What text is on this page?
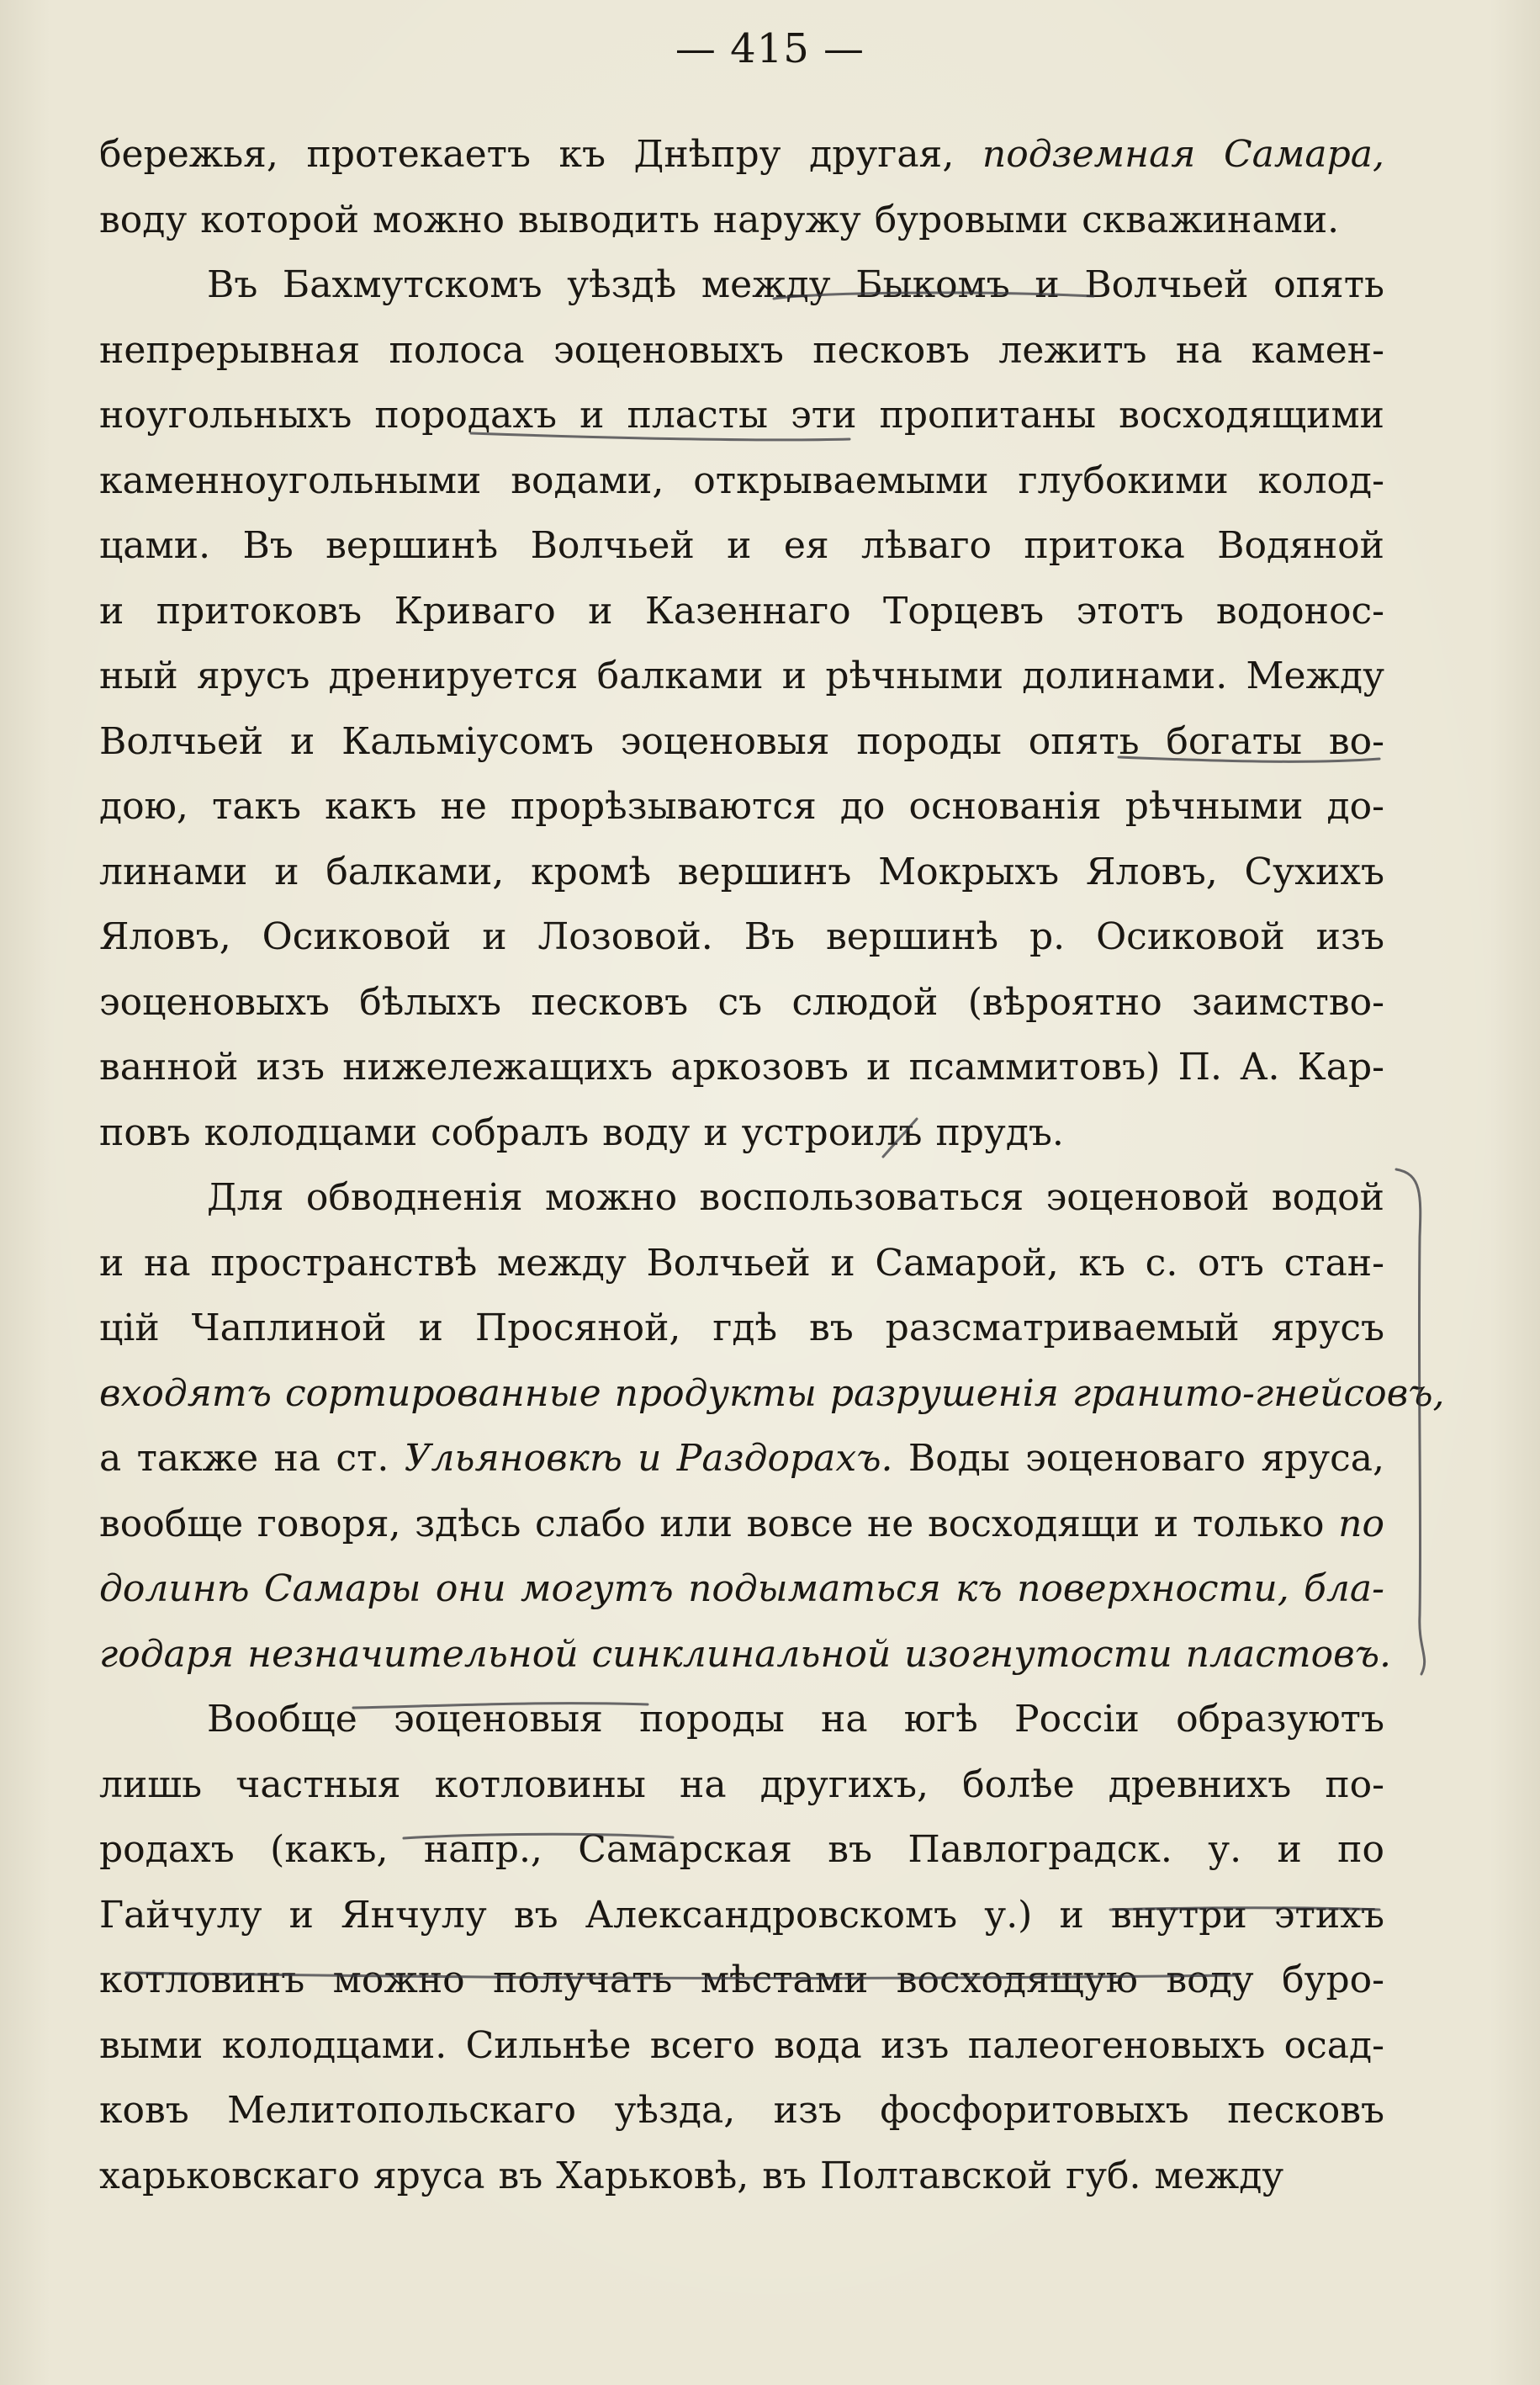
— 415 —
бережья, протекаетъ къ Днѣпру другая, подземная Самара,
воду которой можно выводить наружу буровыми скважинами.
Въ Бахмутскомъ уѣздѣ между Быкомъ и Волчьей опять
непрерывная полоса эоценовыхъ песковъ лежитъ на камен-
ноугольныхъ породахъ и пласты эти пропитаны восходящими
каменноугольными водами, открываемыми глубокими колод-
цами. Въ вершинѣ Волчьей и ея лѣваго притока Водяной
и притоковъ Криваго и Казеннаго Торцевъ этотъ водонос-
ный ярусъ дренируется балками и рѣчными долинами. Между
Волчьей и Кальміусомъ эоценовыя породы опять богаты во-
дою, такъ какъ не прорѣзываются до основанія рѣчными до-
линами и балками, кромѣ вершинъ Мокрыхъ Яловъ, Сухихъ
Яловъ, Осиковой и Лозовой. Въ вершинѣ р. Осиковой изъ
эоценовыхъ бѣлыхъ песковъ съ слюдой (вѣроятно заимство-
ванной изъ нижележащихъ аркозовъ и псаммитовъ) П. А. Кар-
повъ колодцами собралъ воду и устроилъ прудъ.
Для обводненія можно воспользоваться эоценовой водой
и на пространствѣ между Волчьей и Самарой, къ с. отъ стан-
цій Чаплиной и Просяной, гдѣ въ разсматриваемый ярусъ
входятъ сортированные продукты разрушенія гранито-гнейсовъ,
а также на ст. Ульяновкѣ и Раздорахъ. Воды эоценоваго яруса,
вообще говоря, здѣсь слабо или вовсе не восходящи и только по
долинѣ Самары они могутъ подыматься къ поверхности, бла-
годаря незначительной синклинальной изогнутости пластовъ.
Вообще эоценовыя породы на югѣ Россіи образуютъ
лишь частныя котловины на другихъ, болѣе древнихъ по-
родахъ (какъ, напр., Самарская въ Павлоградск. у. и по
Гайчулу и Янчулу въ Александровскомъ у.) и внутри этихъ
котловинъ можно получать мѣстами восходящую воду буро-
выми колодцами. Сильнѣе всего вода изъ палеогеновыхъ осад-
ковъ Мелитопольскаго уѣзда, изъ фосфоритовыхъ песковъ
харьковскаго яруса въ Харьковѣ, въ Полтавской губ. между
